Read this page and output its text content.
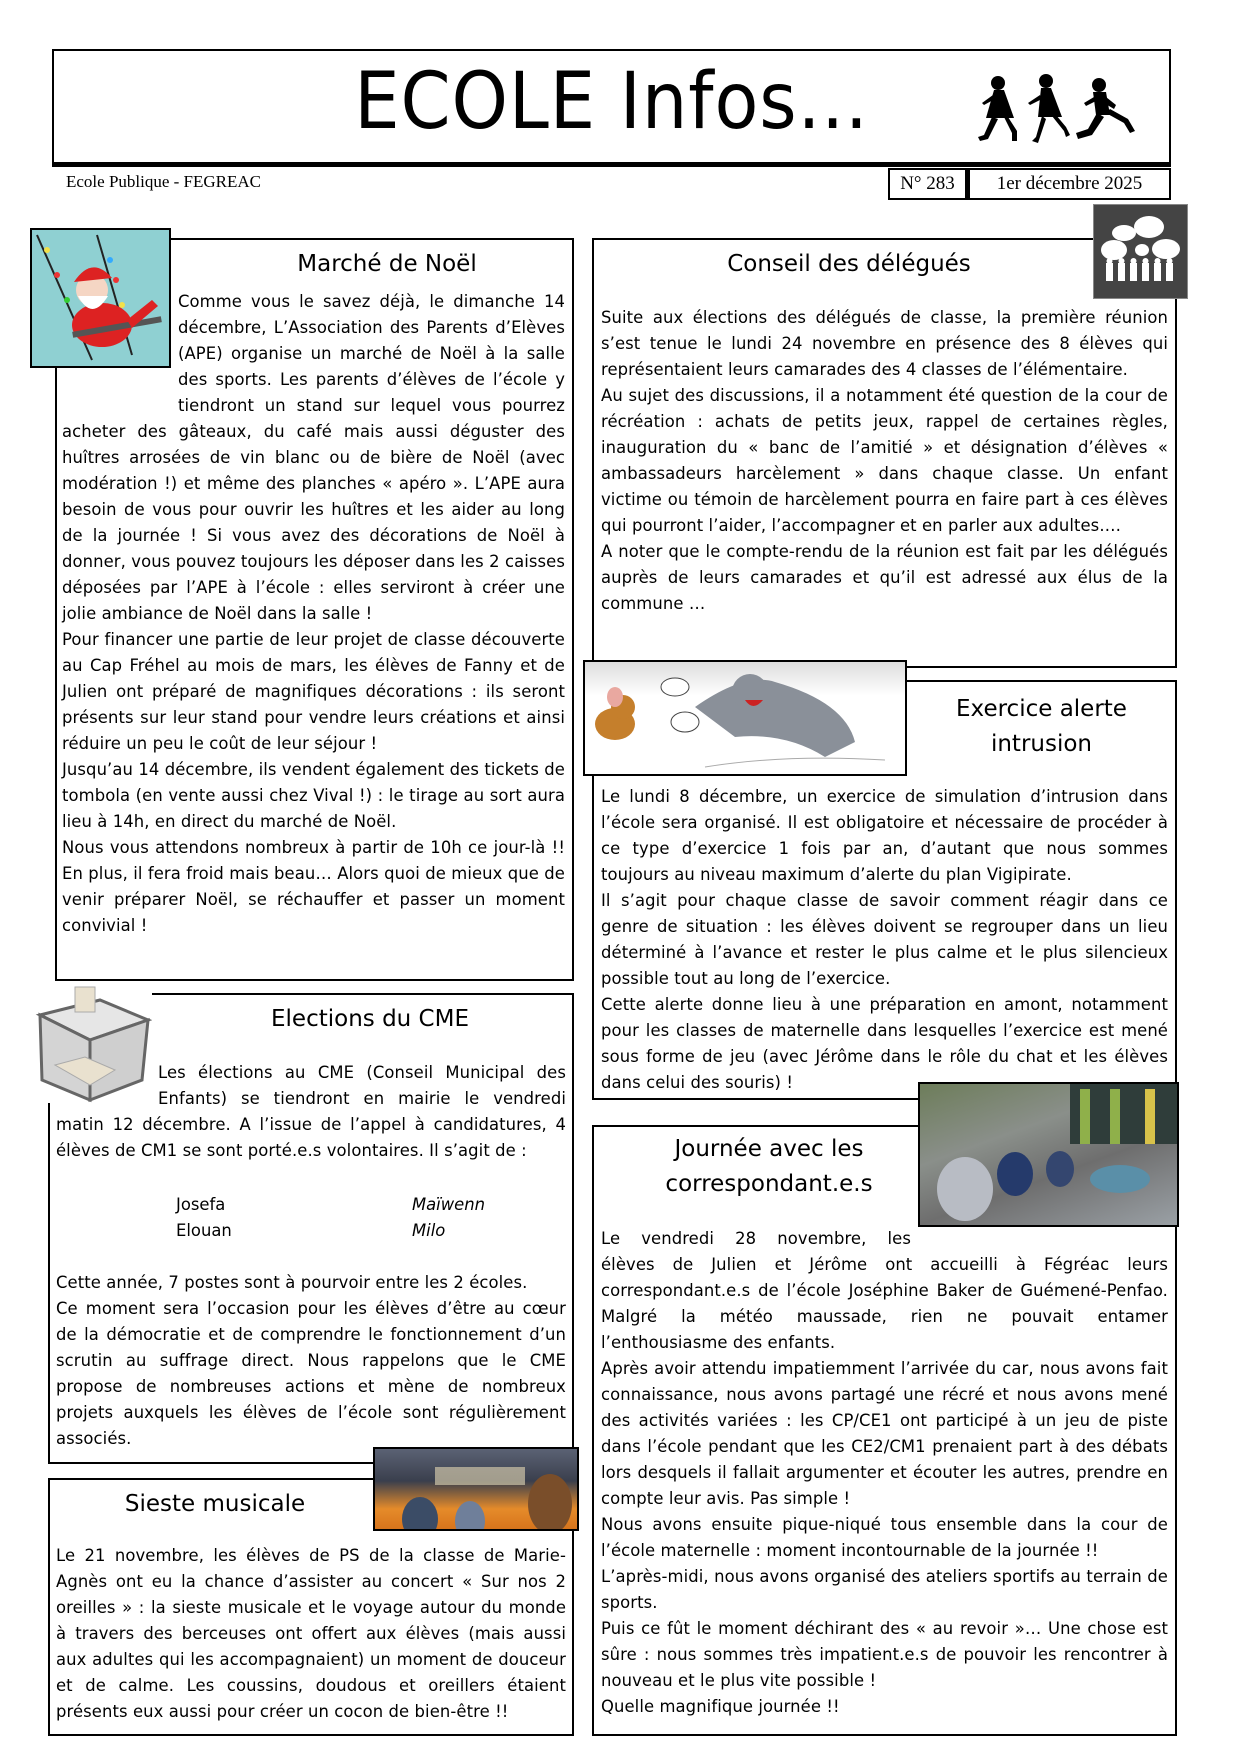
ECOLE Infos...
Ecole Publique - FEGREAC	N° 283	1er décembre 2025
Marché de Noël

Comme vous le savez déjà, le dimanche 14 décembre, L’Association des Parents d’Elèves (APE) organise un marché de Noël à la salle des sports. Les parents d’élèves de l’école y tiendront un stand sur lequel vous pourrez acheter des gâteaux, du café mais aussi déguster des huîtres arrosées de vin blanc ou de bière de Noël (avec modération !) et même des planches « apéro ». L’APE aura besoin de vous pour ouvrir les huîtres et les aider au long de la journée ! Si vous avez des décorations de Noël à donner, vous pouvez toujours les déposer dans les 2 caisses déposées par l’APE à l’école : elles serviront à créer une jolie ambiance de Noël dans la salle !

Pour financer une partie de leur projet de classe découverte au Cap Fréhel au mois de mars, les élèves de Fanny et de Julien ont préparé de magnifiques décorations : ils seront présents sur leur stand pour vendre leurs créations et ainsi réduire un peu le coût de leur séjour !

Jusqu’au 14 décembre, ils vendent également des tickets de tombola (en vente aussi chez Vival !) : le tirage au sort aura lieu à 14h, en direct du marché de Noël.

Nous vous attendons nombreux à partir de 10h ce jour-là !! En plus, il fera froid mais beau… Alors quoi de mieux que de venir préparer Noël, se réchauffer et passer un moment convivial !

Conseil des délégués

Suite aux élections des délégués de classe, la première réunion s’est tenue le lundi 24 novembre en présence des 8 élèves qui représentaient leurs camarades des 4 classes de l’élémentaire.

Au sujet des discussions, il a notamment été question de la cour de récréation : achats de petits jeux, rappel de certaines règles, inauguration du « banc de l’amitié » et désignation d’élèves « ambassadeurs harcèlement » dans chaque classe. Un enfant victime ou témoin de harcèlement pourra en faire part à ces élèves qui pourront l’aider, l’accompagner et en parler aux adultes.…

A noter que le compte-rendu de la réunion est fait par les délégués auprès de leurs camarades et qu’il est adressé aux élus de la commune …

Exercice alerte
intrusion

Le lundi 8 décembre, un exercice de simulation d’intrusion dans l’école sera organisé. Il est obligatoire et nécessaire de procéder à ce type d’exercice 1 fois par an, d’autant que nous sommes toujours au niveau maximum d’alerte du plan Vigipirate.

Il s’agit pour chaque classe de savoir comment réagir dans ce genre de situation : les élèves doivent se regrouper dans un lieu déterminé à l’avance et rester le plus calme et le plus silencieux possible tout au long de l’exercice.

Cette alerte donne lieu à une préparation en amont, notamment pour les classes de maternelle dans lesquelles l’exercice est mené sous forme de jeu (avec Jérôme dans le rôle du chat et les élèves dans celui des souris) !

Elections du CME

Les élections au CME (Conseil Municipal des Enfants) se tiendront en mairie le vendredi matin 12 décembre. A l’issue de l’appel à candidatures, 4 élèves de CM1 se sont porté.e.s volontaires. Il s’agit de :

Josefa	Maïwenn
Elouan	Milo

Cette année, 7 postes sont à pourvoir entre les 2 écoles.

Ce moment sera l’occasion pour les élèves d’être au cœur de la démocratie et de comprendre le fonctionnement d’un scrutin au suffrage direct. Nous rappelons que le CME propose de nombreuses actions et mène de nombreux projets auxquels les élèves de l’école sont régulièrement associés.

Sieste musicale

Le 21 novembre, les élèves de PS de la classe de Marie-Agnès ont eu la chance d’assister au concert « Sur nos 2 oreilles » : la sieste musicale et le voyage autour du monde à travers des berceuses ont offert aux élèves (mais aussi aux adultes qui les accompagnaient) un moment de douceur et de calme. Les coussins, doudous et oreillers étaient présents eux aussi pour créer un cocon de bien-être !!

Journée avec les
correspondant.e.s

Le vendredi 28 novembre, les

élèves de Julien et Jérôme ont accueilli à Fégréac leurs correspondant.e.s de l’école Joséphine Baker de Guémené-Penfao. Malgré la météo maussade, rien ne pouvait entamer l’enthousiasme des enfants.

Après avoir attendu impatiemment l’arrivée du car, nous avons fait connaissance, nous avons partagé une récré et nous avons mené des activités variées : les CP/CE1 ont participé à un jeu de piste dans l’école pendant que les CE2/CM1 prenaient part à des débats lors desquels il fallait argumenter et écouter les autres, prendre en compte leur avis. Pas simple !

Nous avons ensuite pique-niqué tous ensemble dans la cour de l’école maternelle : moment incontournable de la journée !!

L’après-midi, nous avons organisé des ateliers sportifs au terrain de sports.

Puis ce fût le moment déchirant des « au revoir »… Une chose est sûre : nous sommes très impatient.e.s de pouvoir les rencontrer à nouveau et le plus vite possible !

Quelle magnifique journée !!
